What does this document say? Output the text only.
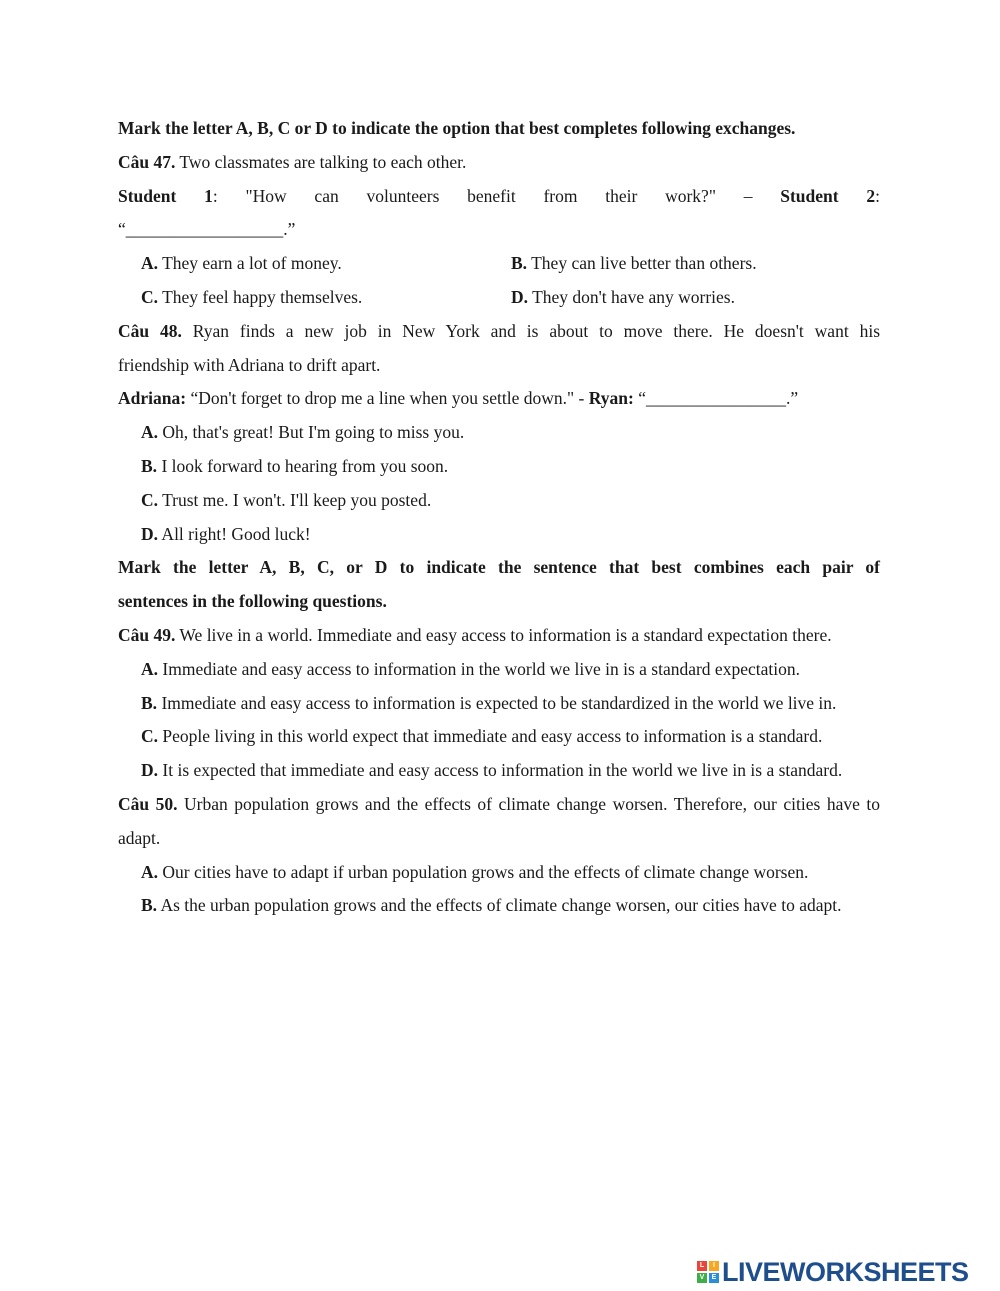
Mark the letter A, B, C or D to indicate the option that best completes following exchanges.
Câu 47. Two classmates are talking to each other.
Student 1: "How can volunteers benefit from their work?" – Student 2:
“__________________.”
A. They earn a lot of money.	B. They can live better than others.
C. They feel happy themselves.	D. They don't have any worries.
Câu 48. Ryan finds a new job in New York and is about to move there. He doesn't want his
friendship with Adriana to drift apart.
Adriana: “Don't forget to drop me a line when you settle down." - Ryan: “________________.”
A. Oh, that's great! But I'm going to miss you.
B. I look forward to hearing from you soon.
C. Trust me. I won't. I'll keep you posted.
D. All right! Good luck!
Mark the letter A, B, C, or D to indicate the sentence that best combines each pair of
sentences in the following questions.
Câu 49. We live in a world. Immediate and easy access to information is a standard expectation there.
A. Immediate and easy access to information in the world we live in is a standard expectation.
B. Immediate and easy access to information is expected to be standardized in the world we live in.
C. People living in this world expect that immediate and easy access to information is a standard.
D. It is expected that immediate and easy access to information in the world we live in is a standard.
Câu 50. Urban population grows and the effects of climate change worsen. Therefore, our cities have to adapt.
A. Our cities have to adapt if urban population grows and the effects of climate change worsen.
B. As the urban population grows and the effects of climate change worsen, our cities have to adapt.
L	I
V	E LIVEWORKSHEETS
